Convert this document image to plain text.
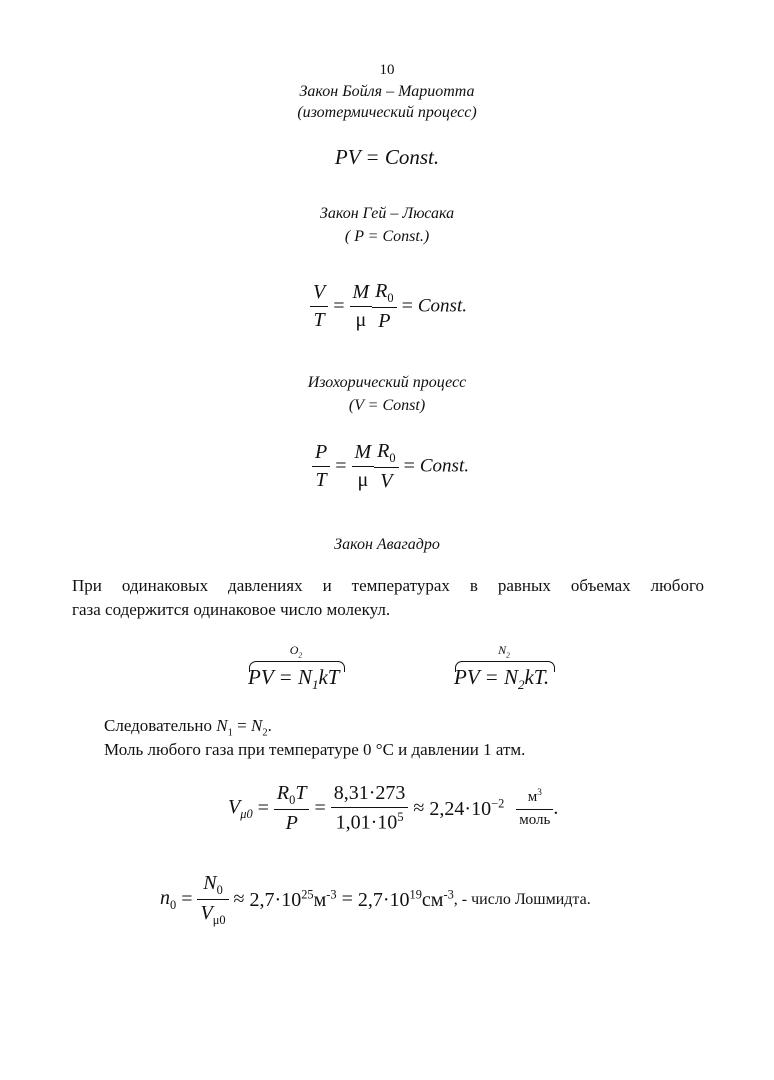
10
Закон Бойля – Мариотта
(изотермический процесс)
PV = Const.
Закон Гей – Люсака
( P = Const.)
$\frac{V}{T} = \frac{M}{\mu} \frac{R_0}{P}$ = Const.
Изохорический процесс
(V = Const)
$\frac{P}{T} = \frac{M}{\mu} \frac{R_0}{V}$ = Const.
Закон Авагадро
При одинаковых давлениях и температурах в равных объемах любого
газа содержится одинаковое число молекул.
$O_2$
PV = $N_1kT$
$N_2$
PV = $N_2kT$.
Следовательно $N_1 = N_2$.
Моль любого газа при температуре 0 °C и давлении 1 атм.
$V_{\mu 0} = \frac{R_0T}{P} = \frac{8,31\cdot 273}{1,01\cdot 10^5} \approx 2,24\cdot 10^{-2}$	$м^3$
моль
.
$n_0 = \frac{N_0}{V_{\mu 0}} \approx 2,7\cdot 10^{25}м^{-3} = 2,7\cdot 10^{19}см^{-3}$, - число Лошмидта.
